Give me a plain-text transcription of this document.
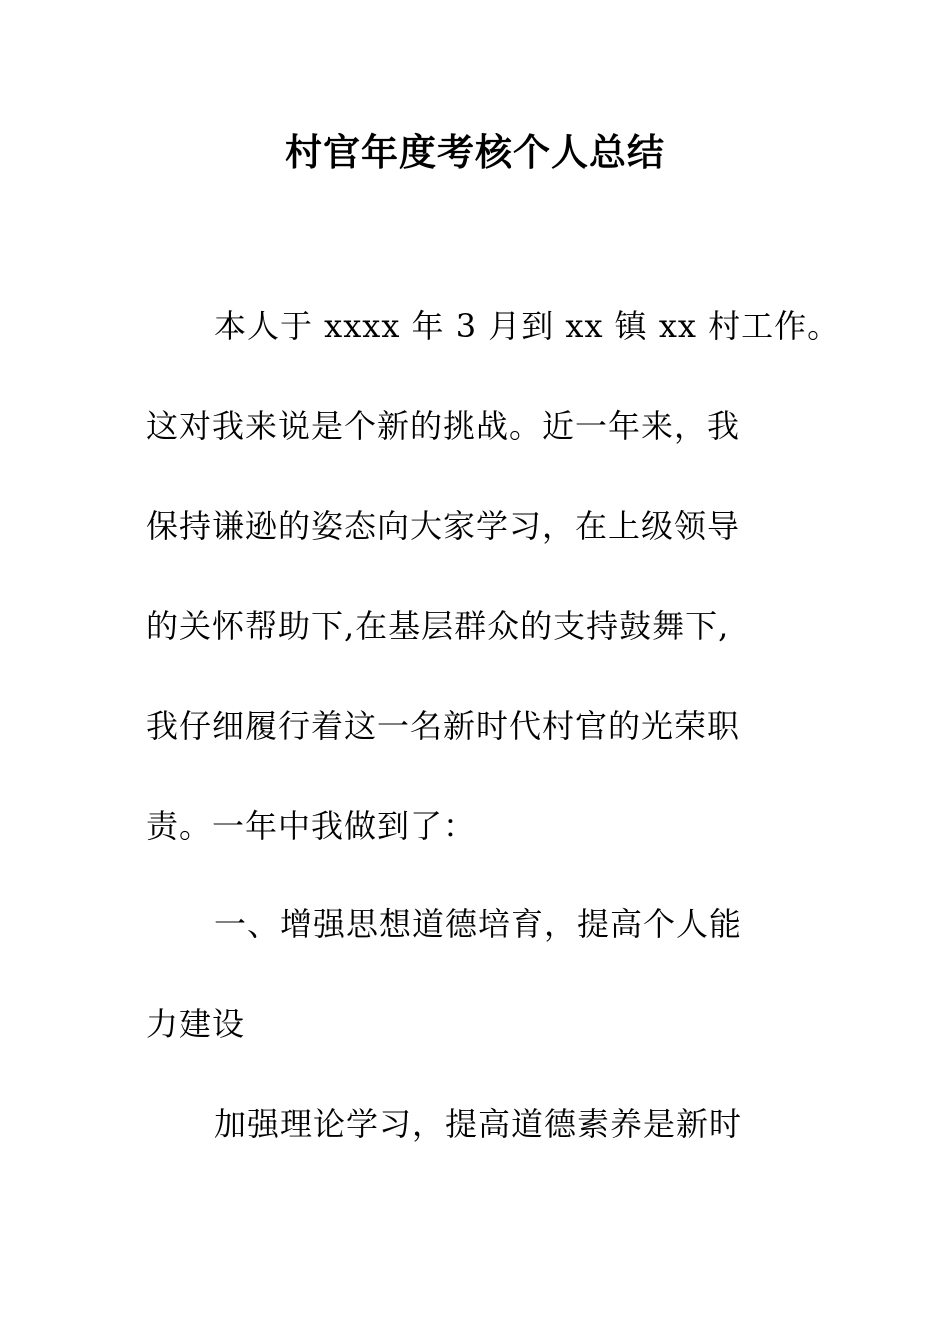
村官年度考核个人总结
本人于 xxxx 年 3 月到 xx 镇 xx 村工作。
这对我来说是个新的挑战。近一年来，我
保持谦逊的姿态向大家学习，在上级领导
的关怀帮助下,在基层群众的支持鼓舞下,
我仔细履行着这一名新时代村官的光荣职
责。一年中我做到了：
一、增强思想道德培育，提高个人能
力建设
加强理论学习，提高道德素养是新时
